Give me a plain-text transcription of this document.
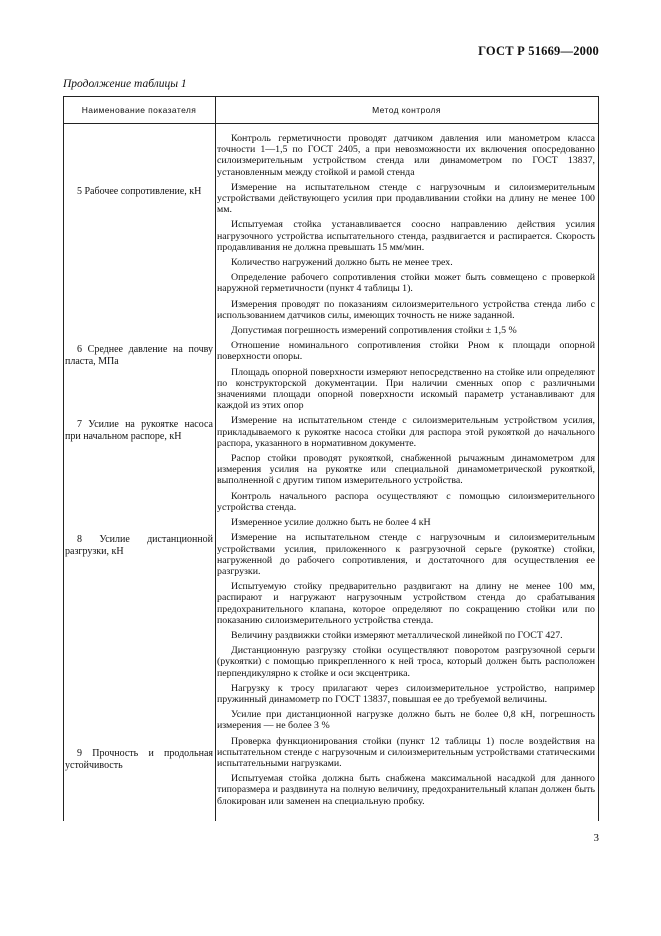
ГОСТ Р 51669—2000
Продолжение таблицы 1
Наименование показателя	Метод контроля
5 Рабочее сопротивление, кН
6 Среднее давление на почву пласта, МПа
7 Усилие на рукоятке насоса при начальном распоре, кН
8 Усилие дистанционной разгрузки, кН
9 Прочность и продольная устойчивость

Контроль герметичности проводят датчиком давления или манометром класса точности 1—1,5 по ГОСТ 2405, а при невозможности их включения опосредованно силоизмерительным устройством стенда или динамометром по ГОСТ 13837, установленным между стойкой и рамой стенда

Измерение на испытательном стенде с нагрузочным и силоизмерительным устройствами действующего усилия при продавливании стойки на длину не менее 100 мм.

Испытуемая стойка устанавливается соосно направлению действия усилия нагрузочного устройства испытательного стенда, раздвигается и распирается. Скорость продавливания не должна превышать 15 мм/мин.

Количество нагружений должно быть не менее трех.

Определение рабочего сопротивления стойки может быть совмещено с проверкой наружной герметичности (пункт 4 таблицы 1).

Измерения проводят по показаниям силоизмерительного устройства стенда либо с использованием датчиков силы, имеющих точность не ниже заданной.

Допустимая погрешность измерений сопротивления стойки ± 1,5 %

Отношение номинального сопротивления стойки Pном к площади опорной поверхности опоры.

Площадь опорной поверхности измеряют непосредственно на стойке или определяют по конструкторской документации. При наличии сменных опор с различными значениями площади опорной поверхности искомый параметр устанавливают для каждой из этих опор

Измерение на испытательном стенде с силоизмерительным устройством усилия, прикладываемого к рукоятке насоса стойки для распора этой рукояткой до начального распора, указанного в нормативном документе.

Распор стойки проводят рукояткой, снабженной рычажным динамометром для измерения усилия на рукоятке или специальной динамометрической рукояткой, выполненной с другим типом измерительного устройства.

Контроль начального распора осуществляют с помощью силоизмерительного устройства стенда.

Измеренное усилие должно быть не более 4 кН

Измерение на испытательном стенде с нагрузочным и силоизмерительным устройствами усилия, приложенного к разгрузочной серьге (рукоятке) стойки, нагруженной до рабочего сопротивления, и достаточного для осуществления ее разгрузки.

Испытуемую стойку предварительно раздвигают на длину не менее 100 мм, распирают и нагружают нагрузочным устройством стенда до срабатывания предохранительного клапана, которое определяют по сокращению стойки или по показанию силоизмерительного устройства стенда.

Величину раздвижки стойки измеряют металлической линейкой по ГОСТ 427.

Дистанционную разгрузку стойки осуществляют поворотом разгрузочной серьги (рукоятки) с помощью прикрепленного к ней троса, который должен быть расположен перпендикулярно к стойке и оси эксцентрика.

Нагрузку к тросу прилагают через силоизмерительное устройство, например пружинный динамометр по ГОСТ 13837, повышая ее до требуемой величины.

Усилие при дистанционной нагрузке должно быть не более 0,8 кН, погрешность измерения — не более 3 %

Проверка функционирования стойки (пункт 12 таблицы 1) после воздействия на испытательном стенде с нагрузочным и силоизмерительным устройствами статическими испытательными нагрузками.

Испытуемая стойка должна быть снабжена максимальной насадкой для данного типоразмера и раздвинута на полную величину, предохранительный клапан должен быть блокирован или заменен на специальную пробку.

3
